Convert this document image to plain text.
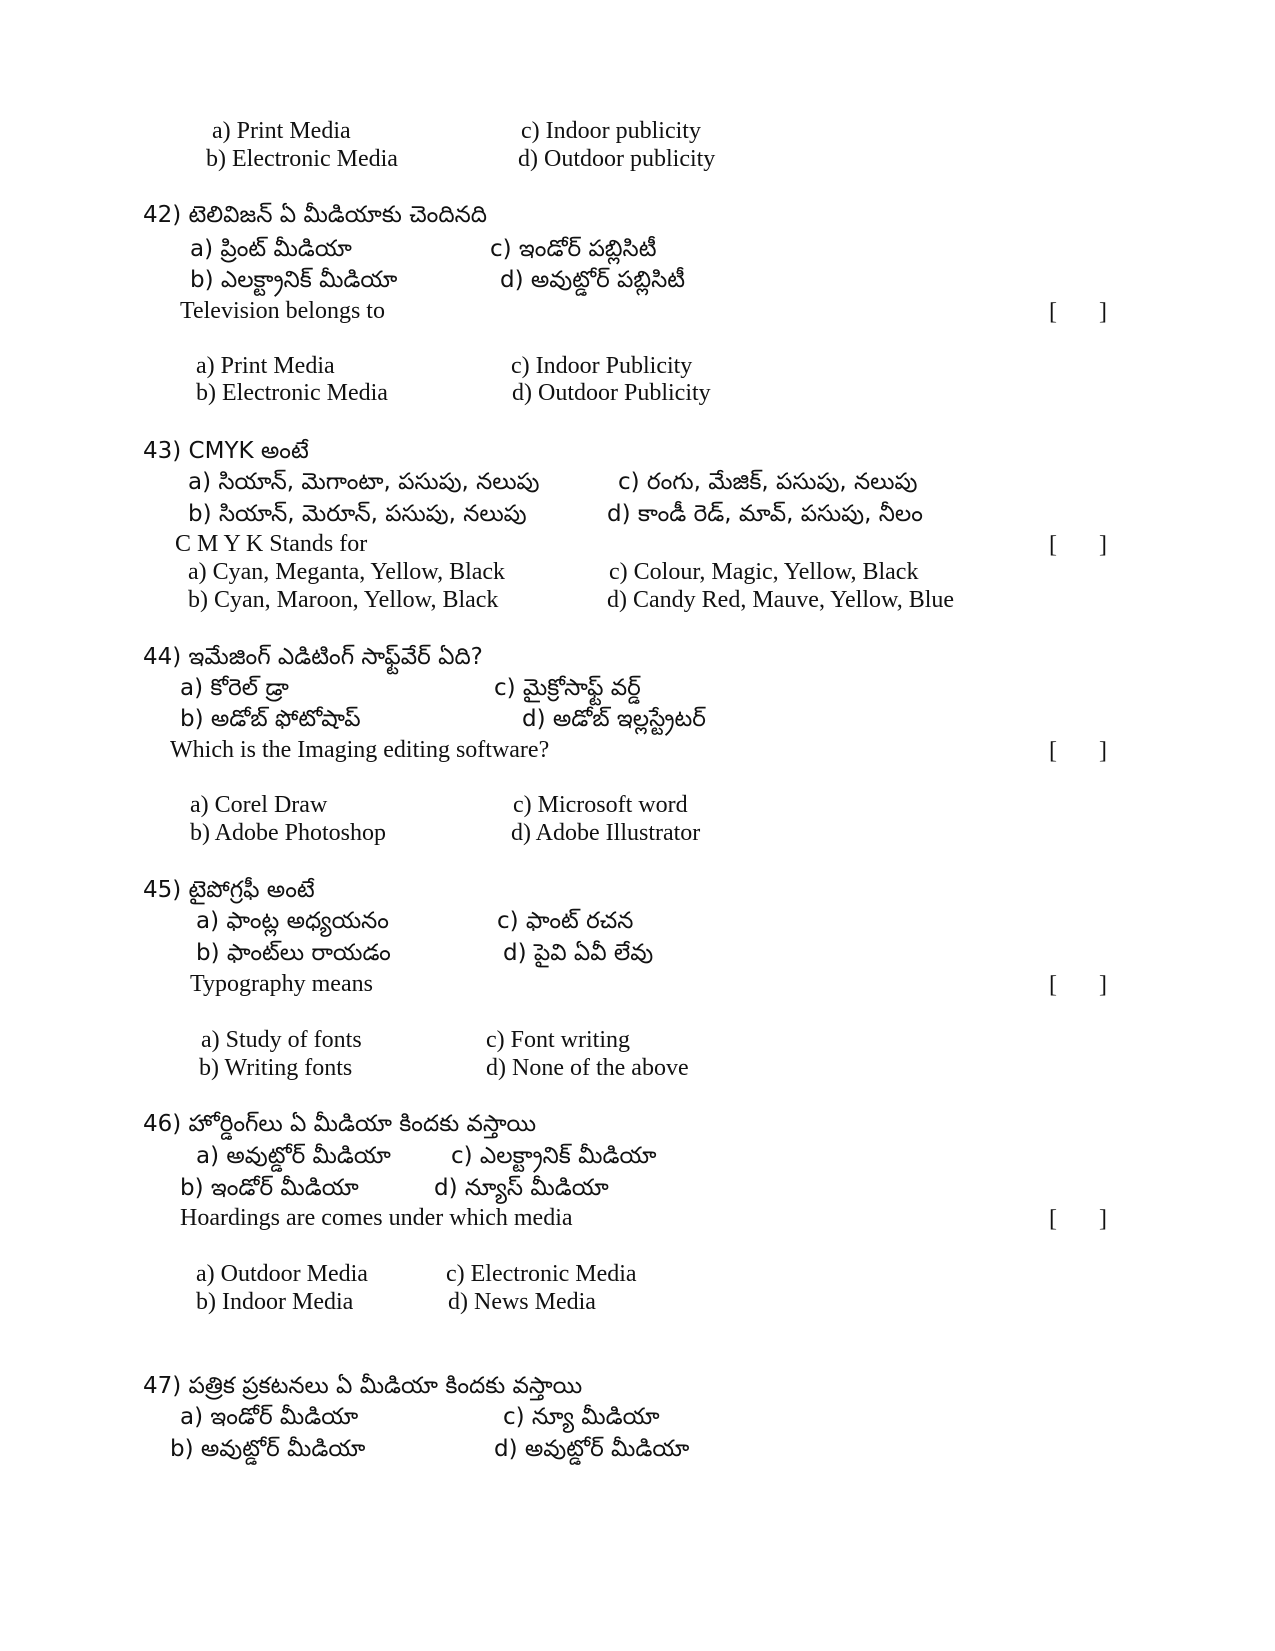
a) Print Media	c) Indoor publicity
b) Electronic Media	d) Outdoor publicity
42) టెలివిజన్ ఏ మీడియాకు చెందినది
a) ప్రింట్ మీడియా	c) ఇండోర్ పబ్లిసిటీ
b) ఎలక్ట్రానిక్ మీడియా	d) అవుట్డోర్ పబ్లిసిటీ
Television belongs to	[ ]
a) Print Media	c) Indoor Publicity
b) Electronic Media	d) Outdoor Publicity
43) CMYK అంటే
a) సియాన్, మెగాంటా, పసుపు, నలుపు	c) రంగు, మేజిక్, పసుపు, నలుపు
b) సియాన్, మెరూన్, పసుపు, నలుపు	d) కాండీ రెడ్, మావ్, పసుపు, నీలం
C M Y K Stands for	[ ]
a) Cyan, Meganta, Yellow, Black	c) Colour, Magic, Yellow, Black
b) Cyan, Maroon, Yellow, Black	d) Candy Red, Mauve, Yellow, Blue
44) ఇమేజింగ్ ఎడిటింగ్ సాఫ్ట్‌వేర్ ఏది?
a) కోరెల్ డ్రా	c) మైక్రోసాఫ్ట్ వర్డ్
b) అడోబ్ ఫోటోషాప్	d) అడోబ్ ఇల్లస్ట్రేటర్
Which is the Imaging editing software?	[ ]
a) Corel Draw	c) Microsoft word
b) Adobe Photoshop	d) Adobe Illustrator
45) టైపోగ్రఫీ అంటే
a) ఫాంట్ల అధ్యయనం	c) ఫాంట్ రచన
b) ఫాంట్‌లు రాయడం	d) పైవి ఏవీ లేవు
Typography means	[ ]
a) Study of fonts	c) Font writing
b) Writing fonts	d) None of the above
46) హోర్డింగ్‌లు ఏ మీడియా కిందకు వస్తాయి
a) అవుట్డోర్ మీడియా	c) ఎలక్ట్రానిక్ మీడియా
b) ఇండోర్ మీడియా	d) న్యూస్ మీడియా
Hoardings are comes under which media	[ ]
a) Outdoor Media	c) Electronic Media
b) Indoor Media	d) News Media
47) పత్రిక ప్రకటనలు ఏ మీడియా కిందకు వస్తాయి
a) ఇండోర్ మీడియా	c) న్యూ మీడియా
b) అవుట్డోర్ మీడియా	d) అవుట్డోర్ మీడియా
